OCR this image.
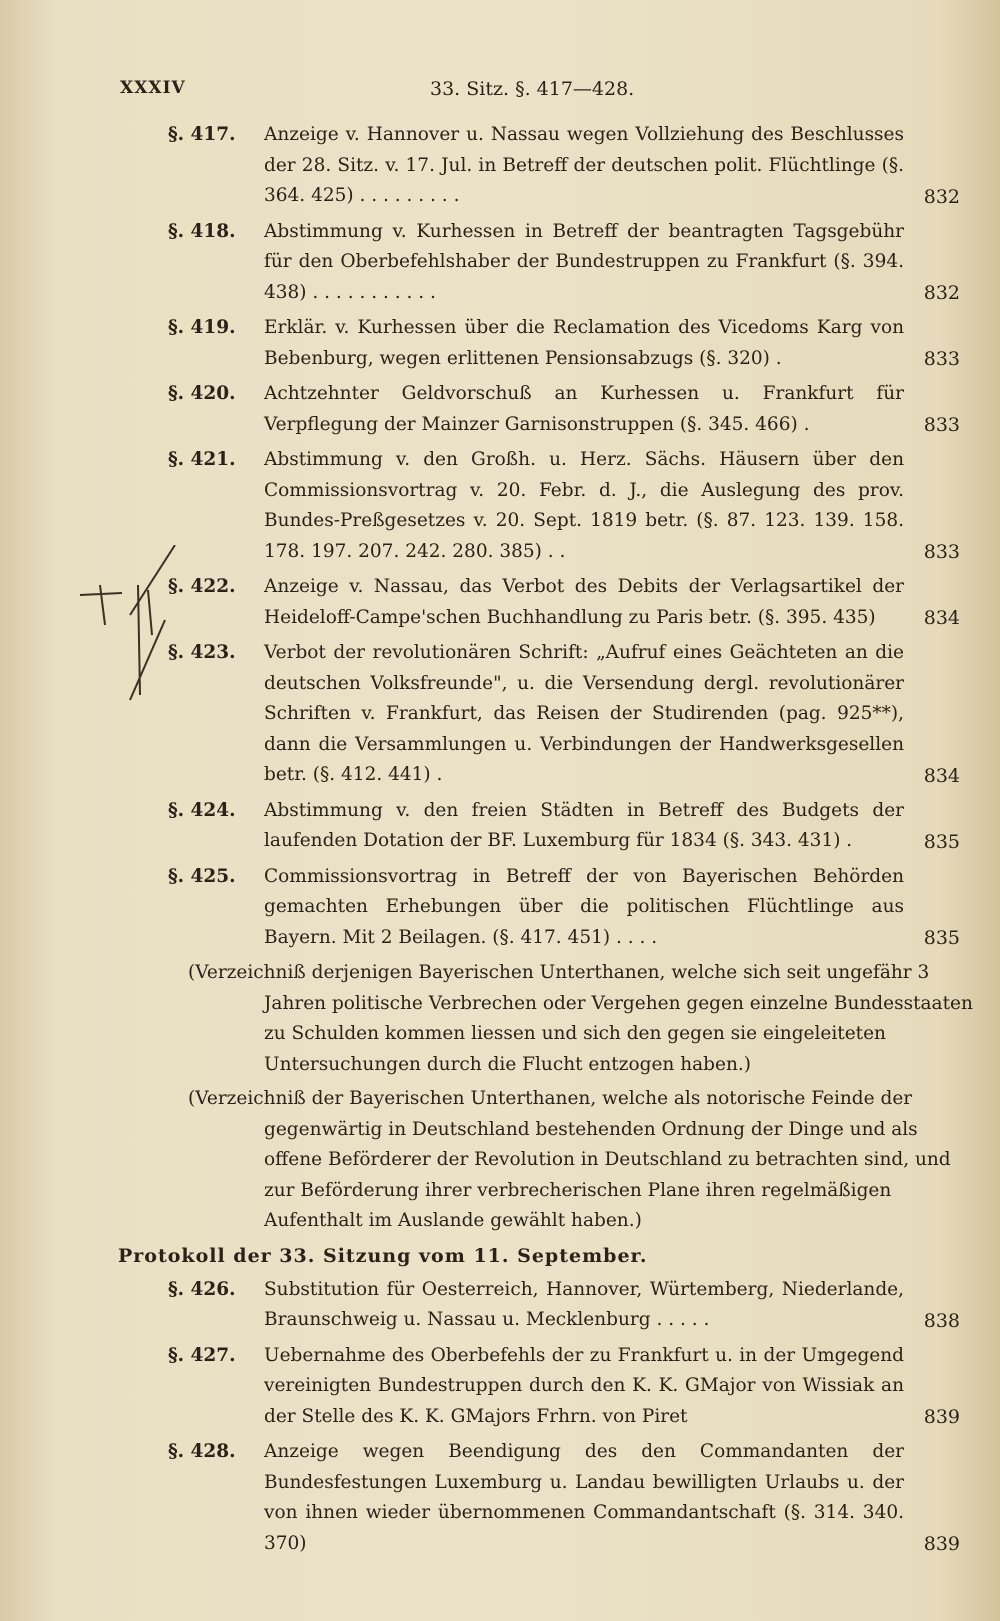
XXXIV	33. Sitz. §. 417—428.
§. 417. Anzeige v. Hannover u. Nassau wegen Vollziehung des Beschlusses der 28. Sitz. v. 17. Jul. in Betreff der deutschen polit. Flüchtlinge (§. 364. 425) . . . . . . . . .	832
§. 418. Abstimmung v. Kurhessen in Betreff der beantragten Tagsgebühr für den Oberbefehlshaber der Bundestruppen zu Frankfurt (§. 394. 438) . . . . . . . . . . .	832
§. 419. Erklär. v. Kurhessen über die Reclamation des Vicedoms Karg von Bebenburg, wegen erlittenen Pensionsabzugs (§. 320) .	833
§. 420. Achtzehnter Geldvorschuß an Kurhessen u. Frankfurt für Verpflegung der Mainzer Garnisonstruppen (§. 345. 466) .	833
§. 421. Abstimmung v. den Großh. u. Herz. Sächs. Häusern über den Commissionsvortrag v. 20. Febr. d. J., die Auslegung des prov. Bundes-Preßgesetzes v. 20. Sept. 1819 betr. (§. 87. 123. 139. 158. 178. 197. 207. 242. 280. 385) . .	833
§. 422. Anzeige v. Nassau, das Verbot des Debits der Verlagsartikel der Heideloff-Campe'schen Buchhandlung zu Paris betr. (§. 395. 435)	834
§. 423. Verbot der revolutionären Schrift: „Aufruf eines Geächteten an die deutschen Volksfreunde", u. die Versendung dergl. revolutionärer Schriften v. Frankfurt, das Reisen der Studirenden (pag. 925**), dann die Versammlungen u. Verbindungen der Handwerksgesellen betr. (§. 412. 441) .	834
§. 424. Abstimmung v. den freien Städten in Betreff des Budgets der laufenden Dotation der BF. Luxemburg für 1834 (§. 343. 431) .	835
§. 425. Commissionsvortrag in Betreff der von Bayerischen Behörden gemachten Erhebungen über die politischen Flüchtlinge aus Bayern. Mit 2 Beilagen. (§. 417. 451) . . . .	835
(Verzeichniß derjenigen Bayerischen Unterthanen, welche sich seit ungefähr 3 Jahren politische Verbrechen oder Vergehen gegen einzelne Bundesstaaten zu Schulden kommen liessen und sich den gegen sie eingeleiteten Untersuchungen durch die Flucht entzogen haben.)
(Verzeichniß der Bayerischen Unterthanen, welche als notorische Feinde der gegenwärtig in Deutschland bestehenden Ordnung der Dinge und als offene Beförderer der Revolution in Deutschland zu betrachten sind, und zur Beförderung ihrer verbrecherischen Plane ihren regelmäßigen Aufenthalt im Auslande gewählt haben.)
Protokoll der 33. Sitzung vom 11. September.
§. 426. Substitution für Oesterreich, Hannover, Würtemberg, Niederlande, Braunschweig u. Nassau u. Mecklenburg . . . . .	838
§. 427. Uebernahme des Oberbefehls der zu Frankfurt u. in der Umgegend vereinigten Bundestruppen durch den K. K. GMajor von Wissiak an der Stelle des K. K. GMajors Frhrn. von Piret	839
§. 428. Anzeige wegen Beendigung des den Commandanten der Bundesfestungen Luxemburg u. Landau bewilligten Urlaubs u. der von ihnen wieder übernommenen Commandantschaft (§. 314. 340. 370)	839
